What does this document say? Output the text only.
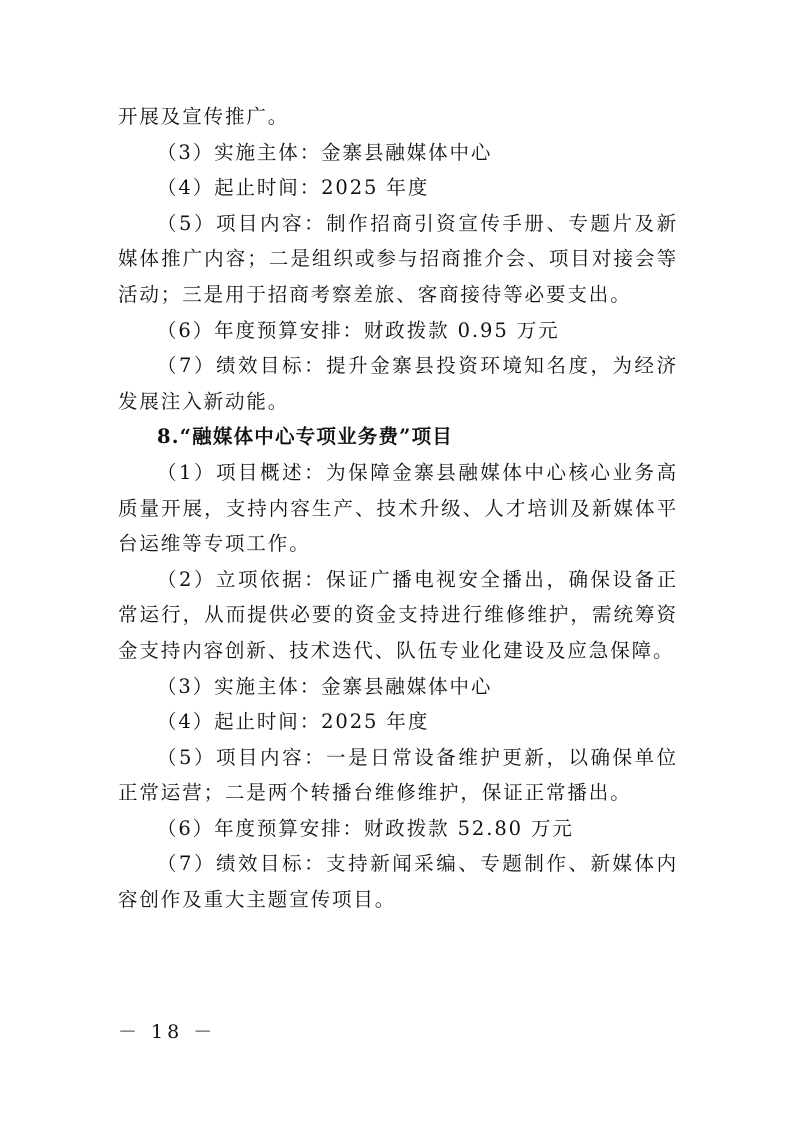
开展及宣传推广。

（3）实施主体：金寨县融媒体中心

（4）起止时间：2025 年度

（5）项目内容：制作招商引资宣传手册、专题片及新媒体推广内容；二是组织或参与招商推介会、项目对接会等活动；三是用于招商考察差旅、客商接待等必要支出。

（6）年度预算安排：财政拨款 0.95 万元

（7）绩效目标：提升金寨县投资环境知名度，为经济发展注入新动能。

8.“融媒体中心专项业务费”项目

（1）项目概述：为保障金寨县融媒体中心核心业务高质量开展，支持内容生产、技术升级、人才培训及新媒体平台运维等专项工作。

（2）立项依据：保证广播电视安全播出，确保设备正常运行，从而提供必要的资金支持进行维修维护，需统筹资金支持内容创新、技术迭代、队伍专业化建设及应急保障。

（3）实施主体：金寨县融媒体中心

（4）起止时间：2025 年度

（5）项目内容：一是日常设备维护更新，以确保单位正常运营；二是两个转播台维修维护，保证正常播出。

（6）年度预算安排：财政拨款 52.80 万元

（7）绩效目标：支持新闻采编、专题制作、新媒体内容创作及重大主题宣传项目。

－ 18 －
